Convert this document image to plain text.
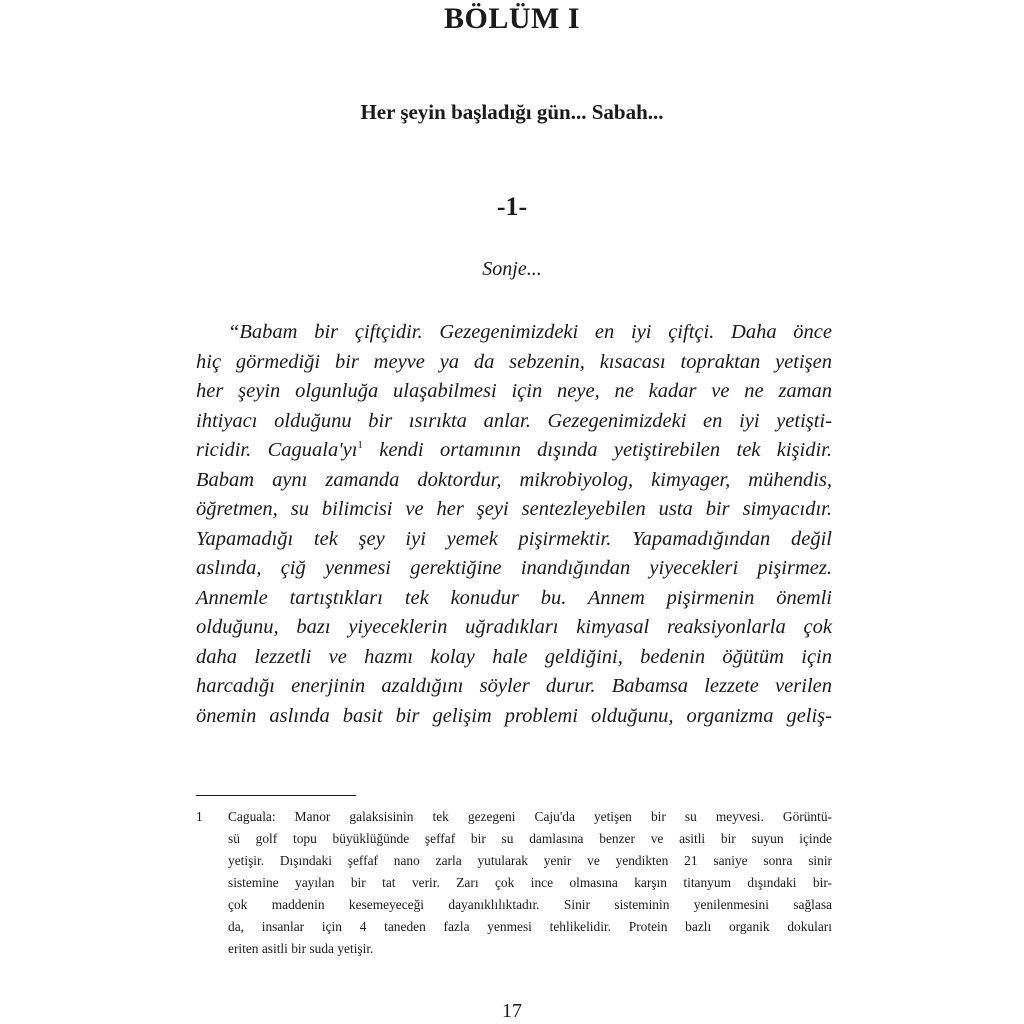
BÖLÜM I
Her şeyin başladığı gün... Sabah...
-1-
Sonje...
“Babam bir çiftçidir. Gezegenimizdeki en iyi çiftçi. Daha önce
hiç görmediği bir meyve ya da sebzenin, kısacası topraktan yetişen
her şeyin olgunluğa ulaşabilmesi için neye, ne kadar ve ne zaman
ihtiyacı olduğunu bir ısırıkta anlar. Gezegenimizdeki en iyi yetişti-
ricidir. $Caguala'yı^1$ kendi ortamının dışında yetiştirebilen tek kişidir.
Babam aynı zamanda doktordur, mikrobiyolog, kimyager, mühendis,
öğretmen, su bilimcisi ve her şeyi sentezleyebilen usta bir simyacıdır.
Yapamadığı tek şey iyi yemek pişirmektir. Yapamadığından değil
aslında, çiğ yenmesi gerektiğine inandığından yiyecekleri pişirmez.
Annemle tartıştıkları tek konudur bu. Annem pişirmenin önemli
olduğunu, bazı yiyeceklerin uğradıkları kimyasal reaksiyonlarla çok
daha lezzetli ve hazmı kolay hale geldiğini, bedenin öğütüm için
harcadığı enerjinin azaldığını söyler durur. Babamsa lezzete verilen
önemin aslında basit bir gelişim problemi olduğunu, organizma geliş-
1 Caguala: Manor galaksisinin tek gezegeni Caju'da yetişen bir su meyvesi. Görüntü-
sü golf topu büyüklüğünde şeffaf bir su damlasına benzer ve asitli bir suyun içinde
yetişir. Dışındaki şeffaf nano zarla yutularak yenir ve yendikten 21 saniye sonra sinir
sistemine yayılan bir tat verir. Zarı çok ince olmasına karşın titanyum dışındaki bir-
çok maddenin kesemeyeceği dayanıklılıktadır. Sinir sisteminin yenilenmesini sağlasa
da, insanlar için 4 taneden fazla yenmesi tehlikelidir. Protein bazlı organik dokuları
eriten asitli bir suda yetişir.
17
